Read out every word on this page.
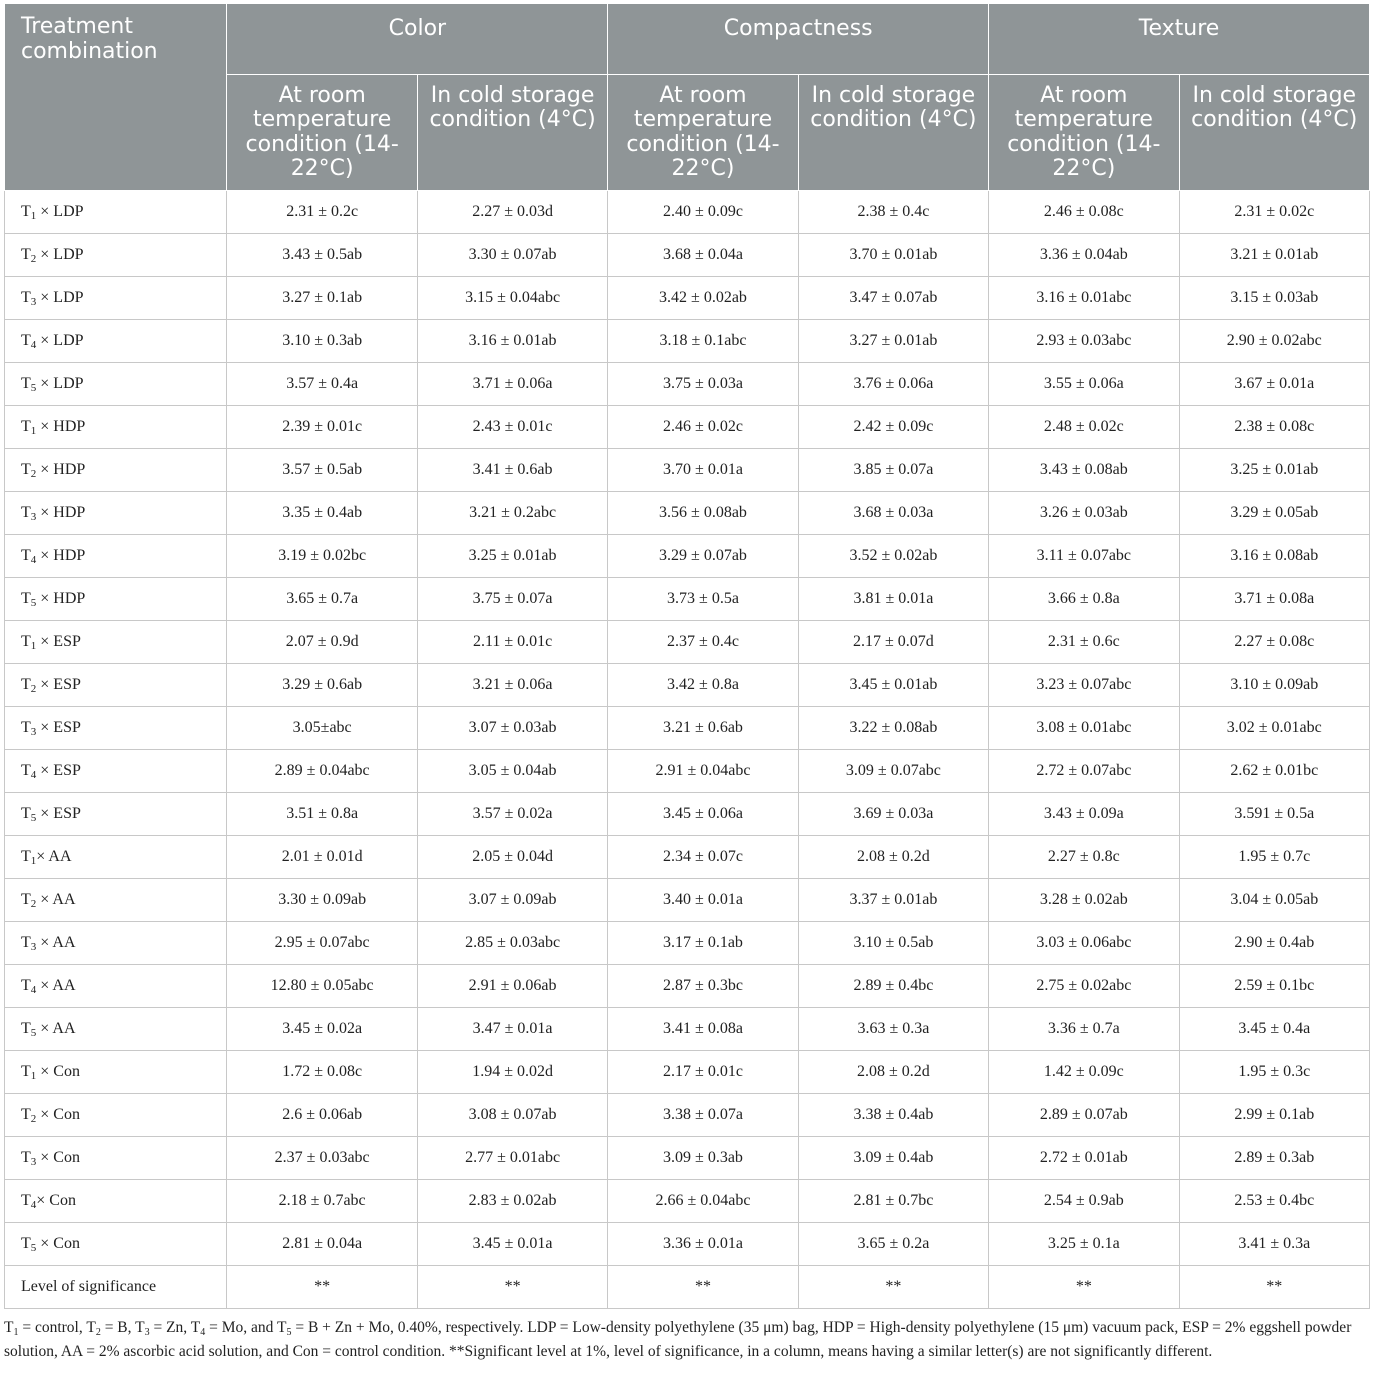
Treatment combination	Color		Compactness		Texture	
	At room temperature condition (14-22°C)	In cold storage condition (4°C)	At room temperature condition (14-22°C)	In cold storage condition (4°C)	At room temperature condition (14-22°C)	In cold storage condition (4°C)
$T_1$ × LDP	2.31 ± 0.2c	2.27 ± 0.03d	2.40 ± 0.09c	2.38 ± 0.4c	2.46 ± 0.08c	2.31 ± 0.02c
$T_2$ × LDP	3.43 ± 0.5ab	3.30 ± 0.07ab	3.68 ± 0.04a	3.70 ± 0.01ab	3.36 ± 0.04ab	3.21 ± 0.01ab
$T_3$ × LDP	3.27 ± 0.1ab	3.15 ± 0.04abc	3.42 ± 0.02ab	3.47 ± 0.07ab	3.16 ± 0.01abc	3.15 ± 0.03ab
$T_4$ × LDP	3.10 ± 0.3ab	3.16 ± 0.01ab	3.18 ± 0.1abc	3.27 ± 0.01ab	2.93 ± 0.03abc	2.90 ± 0.02abc
$T_5$ × LDP	3.57 ± 0.4a	3.71 ± 0.06a	3.75 ± 0.03a	3.76 ± 0.06a	3.55 ± 0.06a	3.67 ± 0.01a
$T_1$ × HDP	2.39 ± 0.01c	2.43 ± 0.01c	2.46 ± 0.02c	2.42 ± 0.09c	2.48 ± 0.02c	2.38 ± 0.08c
$T_2$ × HDP	3.57 ± 0.5ab	3.41 ± 0.6ab	3.70 ± 0.01a	3.85 ± 0.07a	3.43 ± 0.08ab	3.25 ± 0.01ab
$T_3$ × HDP	3.35 ± 0.4ab	3.21 ± 0.2abc	3.56 ± 0.08ab	3.68 ± 0.03a	3.26 ± 0.03ab	3.29 ± 0.05ab
$T_4$ × HDP	3.19 ± 0.02bc	3.25 ± 0.01ab	3.29 ± 0.07ab	3.52 ± 0.02ab	3.11 ± 0.07abc	3.16 ± 0.08ab
$T_5$ × HDP	3.65 ± 0.7a	3.75 ± 0.07a	3.73 ± 0.5a	3.81 ± 0.01a	3.66 ± 0.8a	3.71 ± 0.08a
$T_1$ × ESP	2.07 ± 0.9d	2.11 ± 0.01c	2.37 ± 0.4c	2.17 ± 0.07d	2.31 ± 0.6c	2.27 ± 0.08c
$T_2$ × ESP	3.29 ± 0.6ab	3.21 ± 0.06a	3.42 ± 0.8a	3.45 ± 0.01ab	3.23 ± 0.07abc	3.10 ± 0.09ab
$T_3$ × ESP	3.05±abc	3.07 ± 0.03ab	3.21 ± 0.6ab	3.22 ± 0.08ab	3.08 ± 0.01abc	3.02 ± 0.01abc
$T_4$ × ESP	2.89 ± 0.04abc	3.05 ± 0.04ab	2.91 ± 0.04abc	3.09 ± 0.07abc	2.72 ± 0.07abc	2.62 ± 0.01bc
$T_5$ × ESP	3.51 ± 0.8a	3.57 ± 0.02a	3.45 ± 0.06a	3.69 ± 0.03a	3.43 ± 0.09a	3.591 ± 0.5a
$T_1\times$ AA	2.01 ± 0.01d	2.05 ± 0.04d	2.34 ± 0.07c	2.08 ± 0.2d	2.27 ± 0.8c	1.95 ± 0.7c
$T_2$ × AA	3.30 ± 0.09ab	3.07 ± 0.09ab	3.40 ± 0.01a	3.37 ± 0.01ab	3.28 ± 0.02ab	3.04 ± 0.05ab
$T_3$ × AA	2.95 ± 0.07abc	2.85 ± 0.03abc	3.17 ± 0.1ab	3.10 ± 0.5ab	3.03 ± 0.06abc	2.90 ± 0.4ab
$T_4$ × AA	12.80 ± 0.05abc	2.91 ± 0.06ab	2.87 ± 0.3bc	2.89 ± 0.4bc	2.75 ± 0.02abc	2.59 ± 0.1bc
$T_5$ × AA	3.45 ± 0.02a	3.47 ± 0.01a	3.41 ± 0.08a	3.63 ± 0.3a	3.36 ± 0.7a	3.45 ± 0.4a
$T_1$ × Con	1.72 ± 0.08c	1.94 ± 0.02d	2.17 ± 0.01c	2.08 ± 0.2d	1.42 ± 0.09c	1.95 ± 0.3c
$T_2$ × Con	2.6 ± 0.06ab	3.08 ± 0.07ab	3.38 ± 0.07a	3.38 ± 0.4ab	2.89 ± 0.07ab	2.99 ± 0.1ab
$T_3$ × Con	2.37 ± 0.03abc	2.77 ± 0.01abc	3.09 ± 0.3ab	3.09 ± 0.4ab	2.72 ± 0.01ab	2.89 ± 0.3ab
$T_4\times$ Con	2.18 ± 0.7abc	2.83 ± 0.02ab	2.66 ± 0.04abc	2.81 ± 0.7bc	2.54 ± 0.9ab	2.53 ± 0.4bc
$T_5$ × Con	2.81 ± 0.04a	3.45 ± 0.01a	3.36 ± 0.01a	3.65 ± 0.2a	3.25 ± 0.1a	3.41 ± 0.3a
Level of significance	**	**	**	**	**	**
$T_1$ = control, $T_2 = B$, $T_3 = Zn$, $T_4 = Mo$, and $T_5 = B + Zn + Mo$, 0.40%, respectively. LDP = Low-density polyethylene (35 μm) bag, HDP = High-density polyethylene (15 μm) vacuum pack, ESP = 2% eggshell powder solution, AA = 2% ascorbic acid solution, and Con = control condition. **Significant level at 1%, level of significance, in a column, means having a similar letter(s) are not significantly different.
